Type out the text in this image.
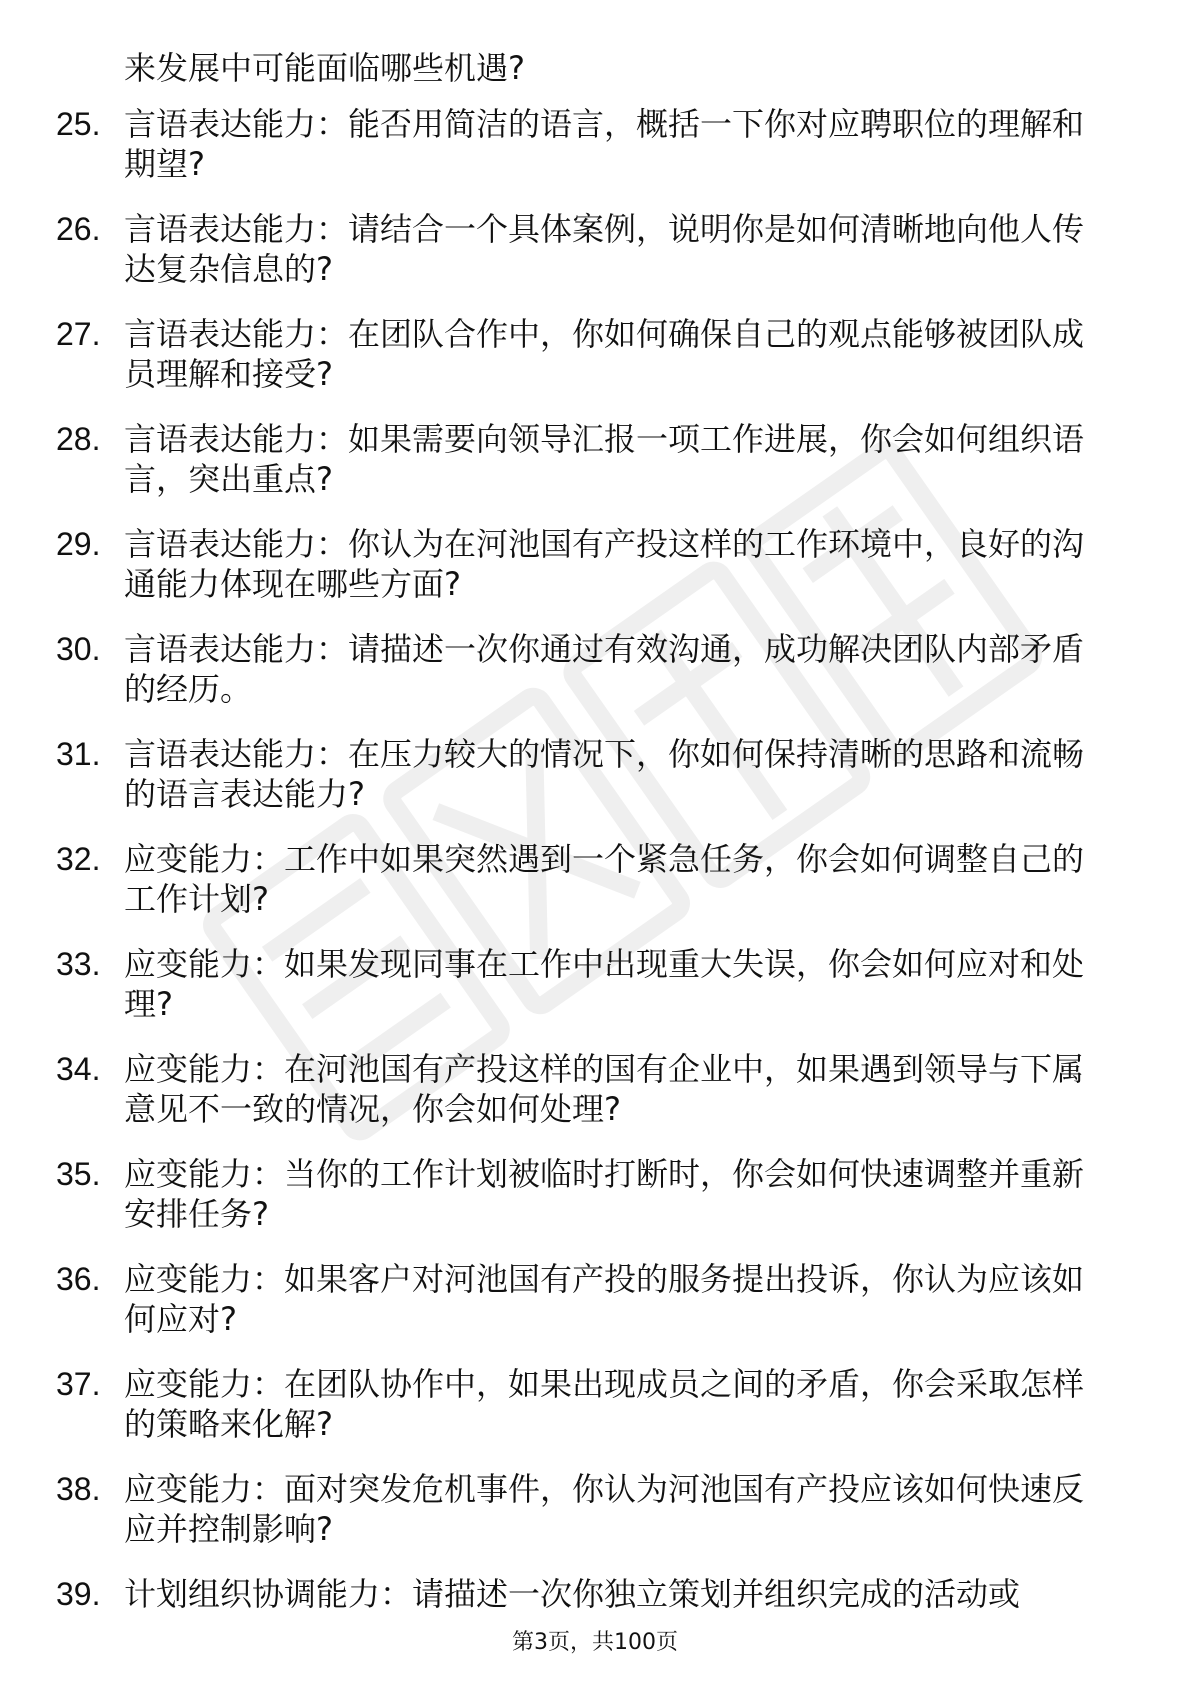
来发展中可能面临哪些机遇?
25. 言语表达能力：能否用简洁的语言，概括一下你对应聘职位的理解和期望?
26. 言语表达能力：请结合一个具体案例，说明你是如何清晰地向他人传达复杂信息的?
27. 言语表达能力：在团队合作中，你如何确保自己的观点能够被团队成员理解和接受?
28. 言语表达能力：如果需要向领导汇报一项工作进展，你会如何组织语言，突出重点?
29. 言语表达能力：你认为在河池国有产投这样的工作环境中，良好的沟通能力体现在哪些方面?
30. 言语表达能力：请描述一次你通过有效沟通，成功解决团队内部矛盾的经历。
31. 言语表达能力：在压力较大的情况下，你如何保持清晰的思路和流畅的语言表达能力?
32. 应变能力：工作中如果突然遇到一个紧急任务，你会如何调整自己的工作计划?
33. 应变能力：如果发现同事在工作中出现重大失误，你会如何应对和处理?
34. 应变能力：在河池国有产投这样的国有企业中，如果遇到领导与下属意见不一致的情况，你会如何处理?
35. 应变能力：当你的工作计划被临时打断时，你会如何快速调整并重新安排任务?
36. 应变能力：如果客户对河池国有产投的服务提出投诉，你认为应该如何应对?
37. 应变能力：在团队协作中，如果出现成员之间的矛盾，你会采取怎样的策略来化解?
38. 应变能力：面对突发危机事件，你认为河池国有产投应该如何快速反应并控制影响?
39. 计划组织协调能力：请描述一次你独立策划并组织完成的活动或
第3页，共100页
